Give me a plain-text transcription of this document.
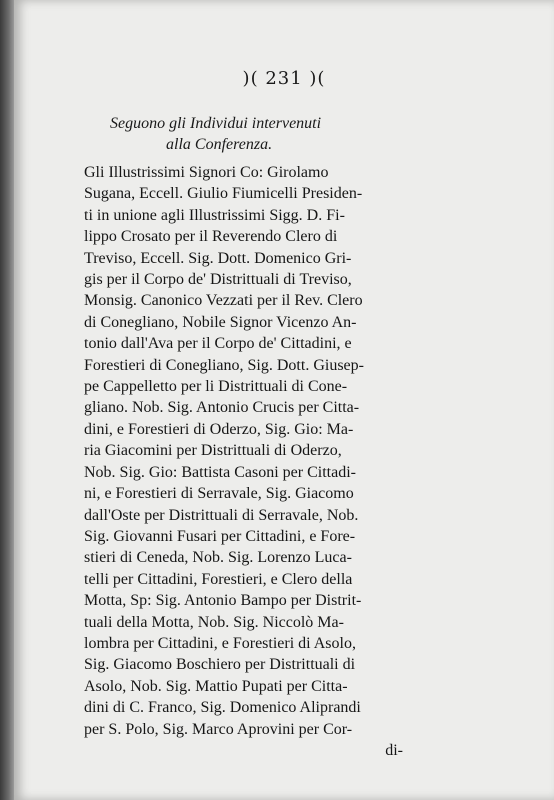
)( 231 )(
Seguono gli Individui intervenuti
alla Conferenza.
Gli Illustrissimi Signori Co: Girolamo
Sugana, Eccell. Giulio Fiumicelli Presiden-
ti in unione agli Illustrissimi Sigg. D. Fi-
lippo Crosato per il Reverendo Clero di
Treviso, Eccell. Sig. Dott. Domenico Gri-
gis per il Corpo de' Distrittuali di Treviso,
Monsig. Canonico Vezzati per il Rev. Clero
di Conegliano, Nobile Signor Vicenzo An-
tonio dall'Ava per il Corpo de' Cittadini, e
Forestieri di Conegliano, Sig. Dott. Giusep-
pe Cappelletto per li Distrittuali di Cone-
gliano. Nob. Sig. Antonio Crucis per Citta-
dini, e Forestieri di Oderzo, Sig. Gio: Ma-
ria Giacomini per Distrittuali di Oderzo,
Nob. Sig. Gio: Battista Casoni per Cittadi-
ni, e Forestieri di Serravale, Sig. Giacomo
dall'Oste per Distrittuali di Serravale, Nob.
Sig. Giovanni Fusari per Cittadini, e Fore-
stieri di Ceneda, Nob. Sig. Lorenzo Luca-
telli per Cittadini, Forestieri, e Clero della
Motta, Sp: Sig. Antonio Bampo per Distrit-
tuali della Motta, Nob. Sig. Niccolò Ma-
lombra per Cittadini, e Forestieri di Asolo,
Sig. Giacomo Boschiero per Distrittuali di
Asolo, Nob. Sig. Mattio Pupati per Citta-
dini di C. Franco, Sig. Domenico Aliprandi
per S. Polo, Sig. Marco Aprovini per Cor-
di-
